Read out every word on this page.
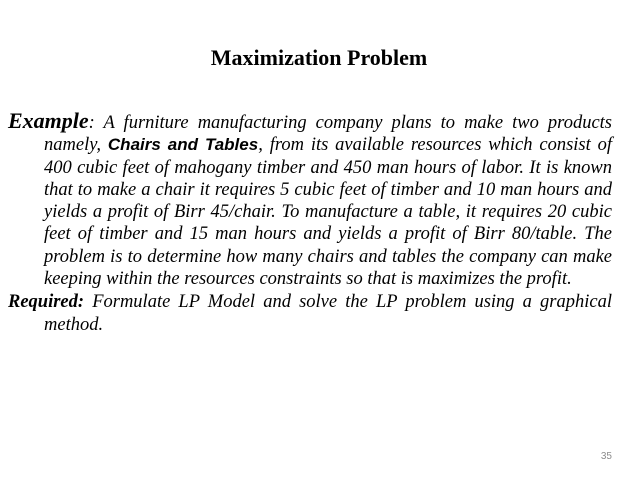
Maximization Problem

Example: A furniture manufacturing company plans to make two products namely, Chairs and Tables, from its available resources which consist of 400 cubic feet of mahogany timber and 450 man hours of labor. It is known that to make a chair it requires 5 cubic feet of timber and 10 man hours and yields a profit of Birr 45/chair. To manufacture a table, it requires 20 cubic feet of timber and 15 man hours and yields a profit of Birr 80/table. The problem is to determine how many chairs and tables the company can make keeping within the resources constraints so that is maximizes the profit.

Required: Formulate LP Model and solve the LP problem using a graphical method.

35
